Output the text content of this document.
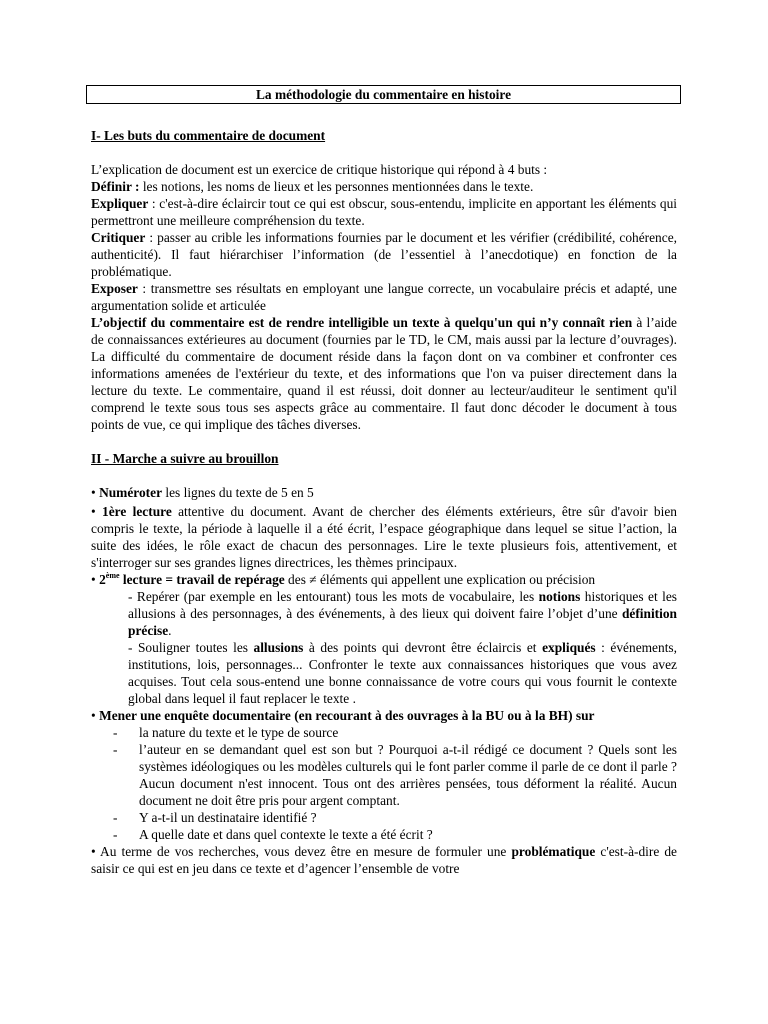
La méthodologie du commentaire en histoire

I- Les buts du commentaire de document

L’explication de document est un exercice de critique historique qui répond à 4 buts :

Définir : les notions, les noms de lieux et les personnes mentionnées dans le texte.

Expliquer : c'est-à-dire éclaircir tout ce qui est obscur, sous-entendu, implicite en apportant les éléments qui permettront une meilleure compréhension du texte.

Critiquer : passer au crible les informations fournies par le document et les vérifier (crédibilité, cohérence, authenticité). Il faut hiérarchiser l’information (de l’essentiel à l’anecdotique) en fonction de la problématique.

Exposer : transmettre ses résultats en employant une langue correcte, un vocabulaire précis et adapté, une argumentation solide et articulée

L’objectif du commentaire est de rendre intelligible un texte à quelqu'un qui n’y connaît rien à l’aide de connaissances extérieures au document (fournies par le TD, le CM, mais aussi par la lecture d’ouvrages). La difficulté du commentaire de document réside dans la façon dont on va combiner et confronter ces informations amenées de l'extérieur du texte, et des informations que l'on va puiser directement dans la lecture du texte. Le commentaire, quand il est réussi, doit donner au lecteur/auditeur le sentiment qu'il comprend le texte sous tous ses aspects grâce au commentaire. Il faut donc décoder le document à tous points de vue, ce qui implique des tâches diverses.

II - Marche a suivre au brouillon

• Numéroter les lignes du texte de 5 en 5

• 1ère lecture attentive du document. Avant de chercher des éléments extérieurs, être sûr d'avoir bien compris le texte, la période à laquelle il a été écrit, l’espace géographique dans lequel se situe l’action, la suite des idées, le rôle exact de chacun des personnages. Lire le texte plusieurs fois, attentivement, et s'interroger sur ses grandes lignes directrices, les thèmes principaux.

• 2ème lecture = travail de repérage des ≠ éléments qui appellent une explication ou précision

- Repérer (par exemple en les entourant) tous les mots de vocabulaire, les notions historiques et les allusions à des personnages, à des événements, à des lieux qui doivent faire l’objet d’une définition précise.

- Souligner toutes les allusions à des points qui devront être éclaircis et expliqués : événements, institutions, lois, personnages... Confronter le texte aux connaissances historiques que vous avez acquises. Tout cela sous-entend une bonne connaissance de votre cours qui vous fournit le contexte global dans lequel il faut replacer le texte .

• Mener une enquête documentaire (en recourant à des ouvrages à la BU ou à la BH) sur

- la nature du texte et le type de source
- l’auteur en se demandant quel est son but ? Pourquoi a-t-il rédigé ce document ? Quels sont les systèmes idéologiques ou les modèles culturels qui le font parler comme il parle de ce dont il parle ? Aucun document n'est innocent. Tous ont des arrières pensées, tous déforment la réalité. Aucun document ne doit être pris pour argent comptant.
- Y a-t-il un destinataire identifié ?
- A quelle date et dans quel contexte le texte a été écrit ?

• Au terme de vos recherches, vous devez être en mesure de formuler une problématique c'est-à-dire de saisir ce qui est en jeu dans ce texte et d’agencer l’ensemble de votre
